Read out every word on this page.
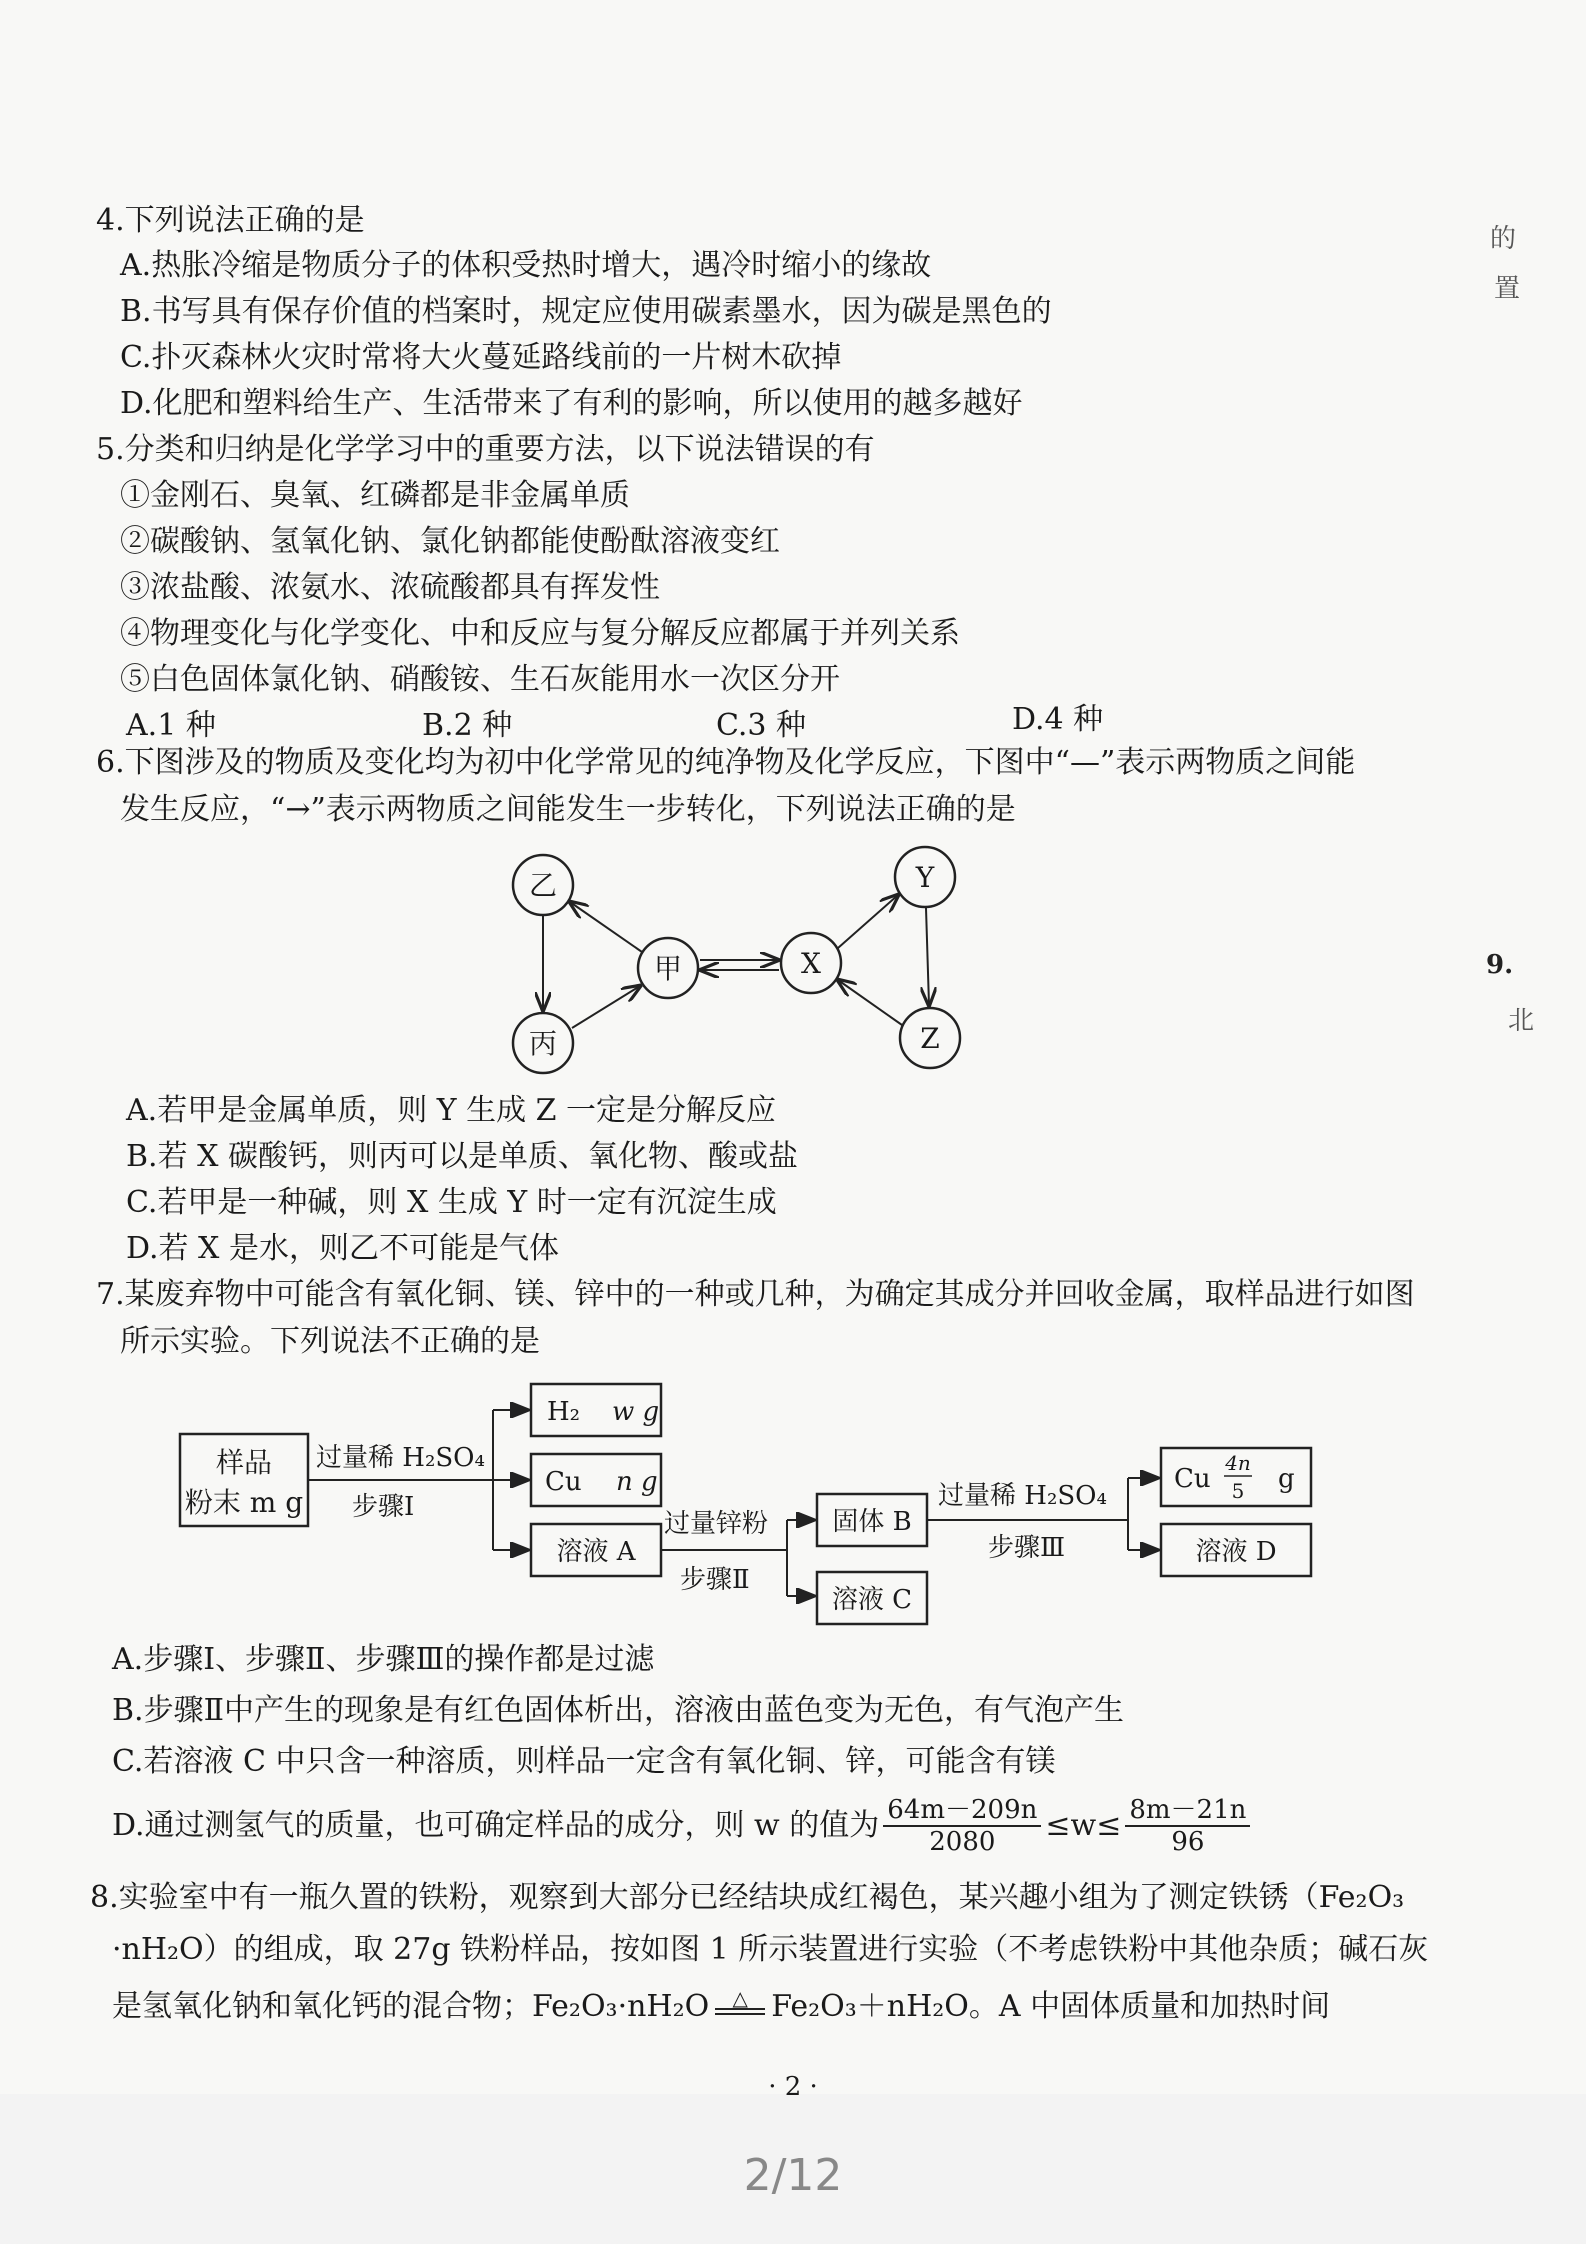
的
置
9.
北
4.下列说法正确的是
A.热胀冷缩是物质分子的体积受热时增大，遇冷时缩小的缘故
B.书写具有保存价值的档案时，规定应使用碳素墨水，因为碳是黑色的
C.扑灭森林火灾时常将大火蔓延路线前的一片树木砍掉
D.化肥和塑料给生产、生活带来了有利的影响，所以使用的越多越好
5.分类和归纳是化学学习中的重要方法，以下说法错误的有
①金刚石、臭氧、红磷都是非金属单质
②碳酸钠、氢氧化钠、氯化钠都能使酚酞溶液变红
③浓盐酸、浓氨水、浓硫酸都具有挥发性
④物理变化与化学变化、中和反应与复分解反应都属于并列关系
⑤白色固体氯化钠、硝酸铵、生石灰能用水一次区分开
A.1 种	B.2 种	C.3 种	D.4 种
6.下图涉及的物质及变化均为初中化学常见的纯净物及化学反应，下图中“—”表示两物质之间能
发生反应，“→”表示两物质之间能发生一步转化，下列说法正确的是
乙
甲
丙
X
Y
Z
A.若甲是金属单质，则 Y 生成 Z 一定是分解反应
B.若 X 碳酸钙，则丙可以是单质、氧化物、酸或盐
C.若甲是一种碱，则 X 生成 Y 时一定有沉淀生成
D.若 X 是水，则乙不可能是气体
7.某废弃物中可能含有氧化铜、镁、锌中的一种或几种，为确定其成分并回收金属，取样品进行如图
所示实验。下列说法不正确的是
样品
粉末 m g
过量稀 H₂SO₄
步骤Ⅰ
H₂ w g
Cu n g
溶液 A
过量锌粉
步骤Ⅱ
固体 B
溶液 C
过量稀 H₂SO₄
步骤Ⅲ
Cu
4n
5 g
溶液 D
A.步骤Ⅰ、步骤Ⅱ、步骤Ⅲ的操作都是过滤
B.步骤Ⅱ中产生的现象是有红色固体析出，溶液由蓝色变为无色，有气泡产生
C.若溶液 C 中只含一种溶质，则样品一定含有氧化铜、锌，可能含有镁
D.通过测氢气的质量，也可确定样品的成分，则 w 的值为 $\frac{64m-209n}{2080} \le w\le \frac{8m-21n}{96}$
8.实验室中有一瓶久置的铁粉，观察到大部分已经结块成红褐色，某兴趣小组为了测定铁锈（Fe₂O₃
·nH₂O）的组成，取 27g 铁粉样品，按如图 1 所示装置进行实验（不考虑铁粉中其他杂质；碱石灰
是氢氧化钠和氧化钙的混合物；Fe₂O₃·nH₂O △ Fe₂O₃＋nH₂O。A 中固体质量和加热时间
· 2 ·
2/12
